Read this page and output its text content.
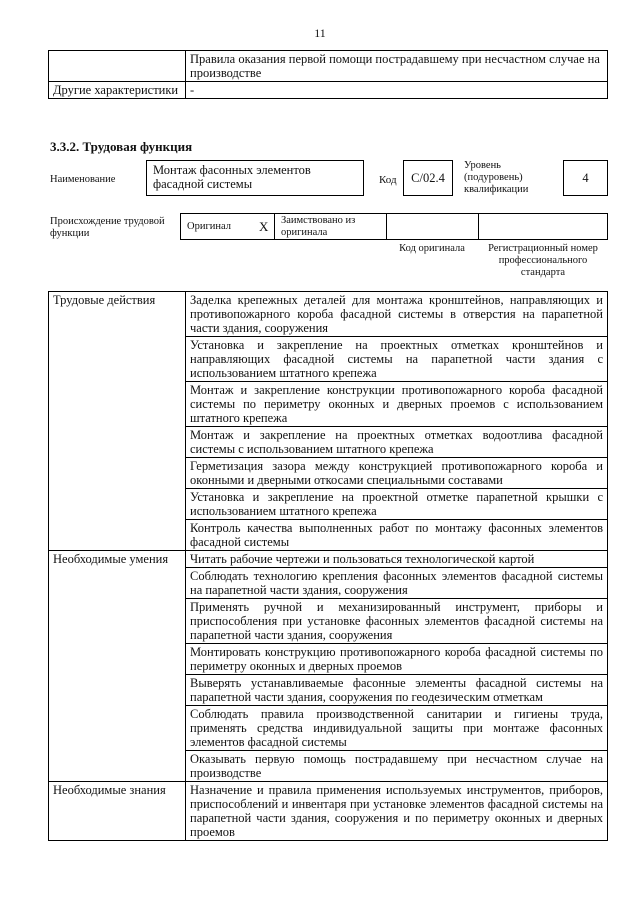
11
	Правила оказания первой помощи пострадавшему при несчастном случае на производстве
Другие характеристики	-
3.3.2. Трудовая функция
Наименование
Монтаж фасонных элементов фасадной системы	Код	C/02.4
Уровень (подуровень) квалификации
4
Происхождение трудовой функции
Оригинал X Заимствовано из оригинала
Код оригинала	Регистрационный номер профессионального стандарта
Трудовые действия	Заделка крепежных деталей для монтажа кронштейнов, направляющих и противопожарного короба фасадной системы в отверстия на парапетной части здания, сооружения
	Установка и закрепление на проектных отметках кронштейнов и направляющих фасадной системы на парапетной части здания с использованием штатного крепежа
	Монтаж и закрепление конструкции противопожарного короба фасадной системы по периметру оконных и дверных проемов с использованием штатного крепежа
	Монтаж и закрепление на проектных отметках водоотлива фасадной системы с использованием штатного крепежа
	Герметизация зазора между конструкцией противопожарного короба и оконными и дверными откосами специальными составами
	Установка и закрепление на проектной отметке парапетной крышки с использованием штатного крепежа
	Контроль качества выполненных работ по монтажу фасонных элементов фасадной системы
Необходимые умения	Читать рабочие чертежи и пользоваться технологической картой
	Соблюдать технологию крепления фасонных элементов фасадной системы на парапетной части здания, сооружения
	Применять ручной и механизированный инструмент, приборы и приспособления при установке фасонных элементов фасадной системы на парапетной части здания, сооружения
	Монтировать конструкцию противопожарного короба фасадной системы по периметру оконных и дверных проемов
	Выверять устанавливаемые фасонные элементы фасадной системы на парапетной части здания, сооружения по геодезическим отметкам
	Соблюдать правила производственной санитарии и гигиены труда, применять средства индивидуальной защиты при монтаже фасонных элементов фасадной системы
	Оказывать первую помощь пострадавшему при несчастном случае на производстве
Необходимые знания	Назначение и правила применения используемых инструментов, приборов, приспособлений и инвентаря при установке элементов фасадной системы на парапетной части здания, сооружения и по периметру оконных и дверных проемов
